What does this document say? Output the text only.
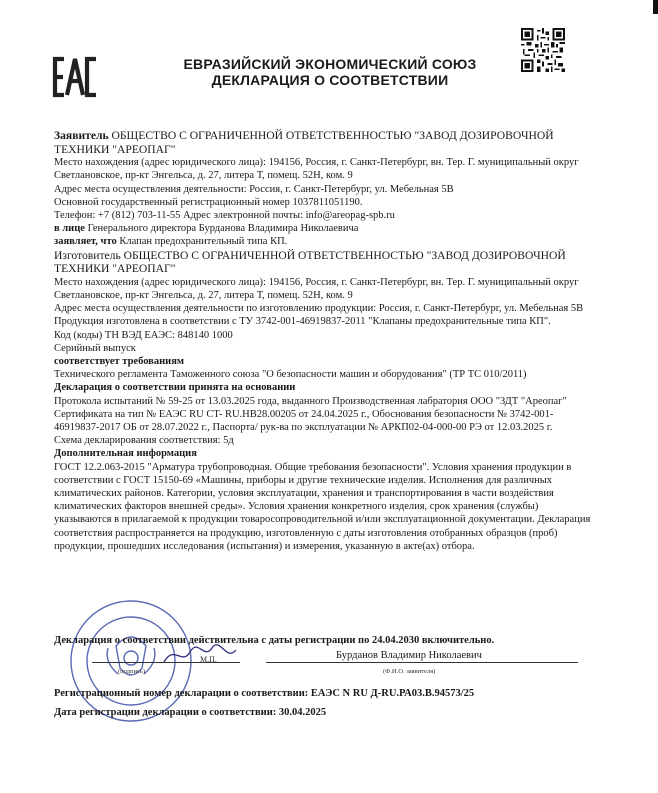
ЕВРАЗИЙСКИЙ ЭКОНОМИЧЕСКИЙ СОЮЗ
ДЕКЛАРАЦИЯ О СООТВЕТСТВИИ

Заявитель ОБЩЕСТВО С ОГРАНИЧЕННОЙ ОТВЕТСТВЕННОСТЬЮ "ЗАВОД ДОЗИРОВОЧНОЙ ТЕХНИКИ "АРЕОПАГ"

Место нахождения (адрес юридического лица): 194156, Россия, г. Санкт-Петербург, вн. Тер. Г. муниципальный округ Светлановское, пр-кт Энгельса, д. 27, литера Т, помещ. 52Н, ком. 9

Адрес места осуществления деятельности: Россия, г. Санкт-Петербург, ул. Мебельная 5В

Основной государственный регистрационный номер 1037811051190.

Телефон: +7 (812) 703-11-55 Адрес электронной почты: info@areopag-spb.ru

в лице Генерального директора Бурданова Владимира Николаевича

заявляет, что Клапан предохранительный типа КП.

Изготовитель ОБЩЕСТВО С ОГРАНИЧЕННОЙ ОТВЕТСТВЕННОСТЬЮ "ЗАВОД ДОЗИРОВОЧНОЙ ТЕХНИКИ "АРЕОПАГ"

Место нахождения (адрес юридического лица): 194156, Россия, г. Санкт-Петербург, вн. Тер. Г. муниципальный округ Светлановское, пр-кт Энгельса, д. 27, литера Т, помещ. 52Н, ком. 9

Адрес места осуществления деятельности по изготовлению продукции: Россия, г. Санкт-Петербург, ул. Мебельная 5В Продукция изготовлена в соответствии с ТУ 3742-001-46919837-2011 "Клапаны предохранительные типа КП".

Код (коды) ТН ВЭД ЕАЭС: 848140 1000

Серийный выпуск

соответствует требованиям

Технического регламента Таможенного союза "О безопасности машин и оборудования" (ТР ТС 010/2011)

Декларация о соответствии принята на основании

Протокола испытаний № 59-25 от 13.03.2025 года, выданного Производственная лабратория ООО "ЗДТ "Ареопаг"

Сертификата на тип № ЕАЭС RU CT- RU.НВ28.00205 от 24.04.2025 г., Обоснования безопасности № 3742-001-46919837-2017 ОБ от 28.07.2022 г., Паспорта/ рук-ва по эксплуатации № АРКП02-04-000-00 РЭ от 12.03.2025 г.

Схема декларирования соответствия: 5д

Дополнительная информация

ГОСТ 12.2.063-2015 "Арматура трубопроводная. Общие требования безопасности". Условия хранения продукции в соответствии с ГОСТ 15150-69 «Машины, приборы и другие технические изделия. Исполнения для различных климатических районов. Категории, условия эксплуатации, хранения и транспортирования в части воздействия климатических факторов внешней среды». Условия хранения конкретного изделия, срок хранения (службы) указываются в прилагаемой к продукции товаросопроводительной и/или эксплуатационной документации. Декларация соответствия распространяется на продукцию, изготовленную с даты изготовления отобранных образцов (проб) продукции, прошедших исследования (испытания) и измерения, указанную в акте(ах) отбора.

Декларация о соответствии действительна с даты регистрации по 24.04.2030 включительно.
М.П.	Бурданов Владимир Николаевич
(подпись)	(Ф.И.О. заявителя)
Регистрационный номер декларации о соответствии: ЕАЭС N RU Д-RU.РА03.В.94573/25
Дата регистрации декларации о соответствии: 30.04.2025
